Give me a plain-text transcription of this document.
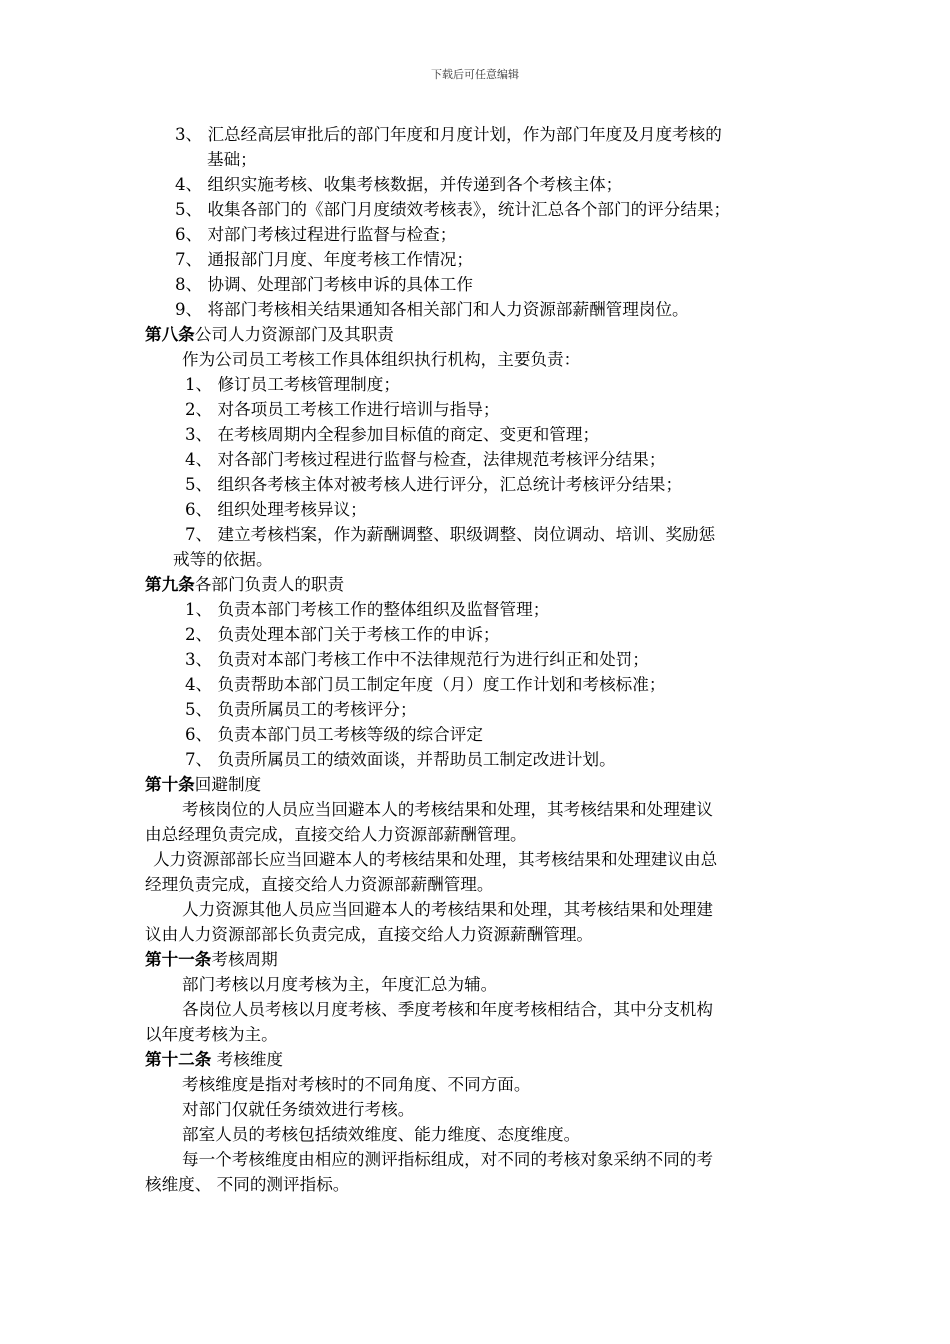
下载后可任意编辑
3、 汇总经高层审批后的部门年度和月度计划，作为部门年度及月度考核的
基础；
4、 组织实施考核、收集考核数据，并传递到各个考核主体；
5、 收集各部门的《部门月度绩效考核表》，统计汇总各个部门的评分结果；
6、 对部门考核过程进行监督与检查；
7、 通报部门月度、年度考核工作情况；
8、 协调、处理部门考核申诉的具体工作
9、 将部门考核相关结果通知各相关部门和人力资源部薪酬管理岗位。
第八条公司人力资源部门及其职责
作为公司员工考核工作具体组织执行机构，主要负责：
1、 修订员工考核管理制度；
2、 对各项员工考核工作进行培训与指导；
3、 在考核周期内全程参加目标值的商定、变更和管理；
4、 对各部门考核过程进行监督与检查，法律规范考核评分结果；
5、 组织各考核主体对被考核人进行评分，汇总统计考核评分结果；
6、 组织处理考核异议；
7、 建立考核档案，作为薪酬调整、职级调整、岗位调动、培训、奖励惩
戒等的依据。
第九条各部门负责人的职责
1、 负责本部门考核工作的整体组织及监督管理；
2、 负责处理本部门关于考核工作的申诉；
3、 负责对本部门考核工作中不法律规范行为进行纠正和处罚；
4、 负责帮助本部门员工制定年度（月）度工作计划和考核标准；
5、 负责所属员工的考核评分；
6、 负责本部门员工考核等级的综合评定
7、 负责所属员工的绩效面谈，并帮助员工制定改进计划。
第十条回避制度
考核岗位的人员应当回避本人的考核结果和处理，其考核结果和处理建议
由总经理负责完成，直接交给人力资源部薪酬管理。
人力资源部部长应当回避本人的考核结果和处理，其考核结果和处理建议由总
经理负责完成，直接交给人力资源部薪酬管理。
人力资源其他人员应当回避本人的考核结果和处理，其考核结果和处理建
议由人力资源部部长负责完成，直接交给人力资源薪酬管理。
第十一条考核周期
部门考核以月度考核为主，年度汇总为辅。
各岗位人员考核以月度考核、季度考核和年度考核相结合，其中分支机构
以年度考核为主。
第十二条 考核维度
考核维度是指对考核时的不同角度、不同方面。
对部门仅就任务绩效进行考核。
部室人员的考核包括绩效维度、能力维度、态度维度。
每一个考核维度由相应的测评指标组成，对不同的考核对象采纳不同的考
核维度、 不同的测评指标。
